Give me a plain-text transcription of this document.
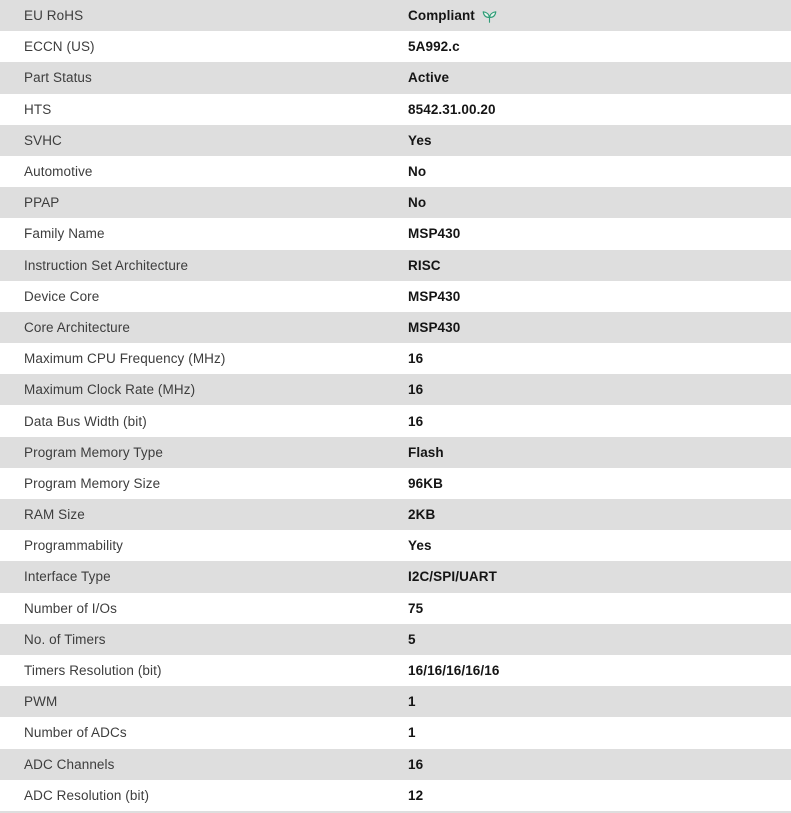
EU RoHS	Compliant
ECCN (US)	5A992.c
Part Status	Active
HTS	8542.31.00.20
SVHC	Yes
Automotive	No
PPAP	No
Family Name	MSP430
Instruction Set Architecture	RISC
Device Core	MSP430
Core Architecture	MSP430
Maximum CPU Frequency (MHz)	16
Maximum Clock Rate (MHz)	16
Data Bus Width (bit)	16
Program Memory Type	Flash
Program Memory Size	96KB
RAM Size	2KB
Programmability	Yes
Interface Type	I2C/SPI/UART
Number of I/Os	75
No. of Timers	5
Timers Resolution (bit)	16/16/16/16/16
PWM	1
Number of ADCs	1
ADC Channels	16
ADC Resolution (bit)	12
